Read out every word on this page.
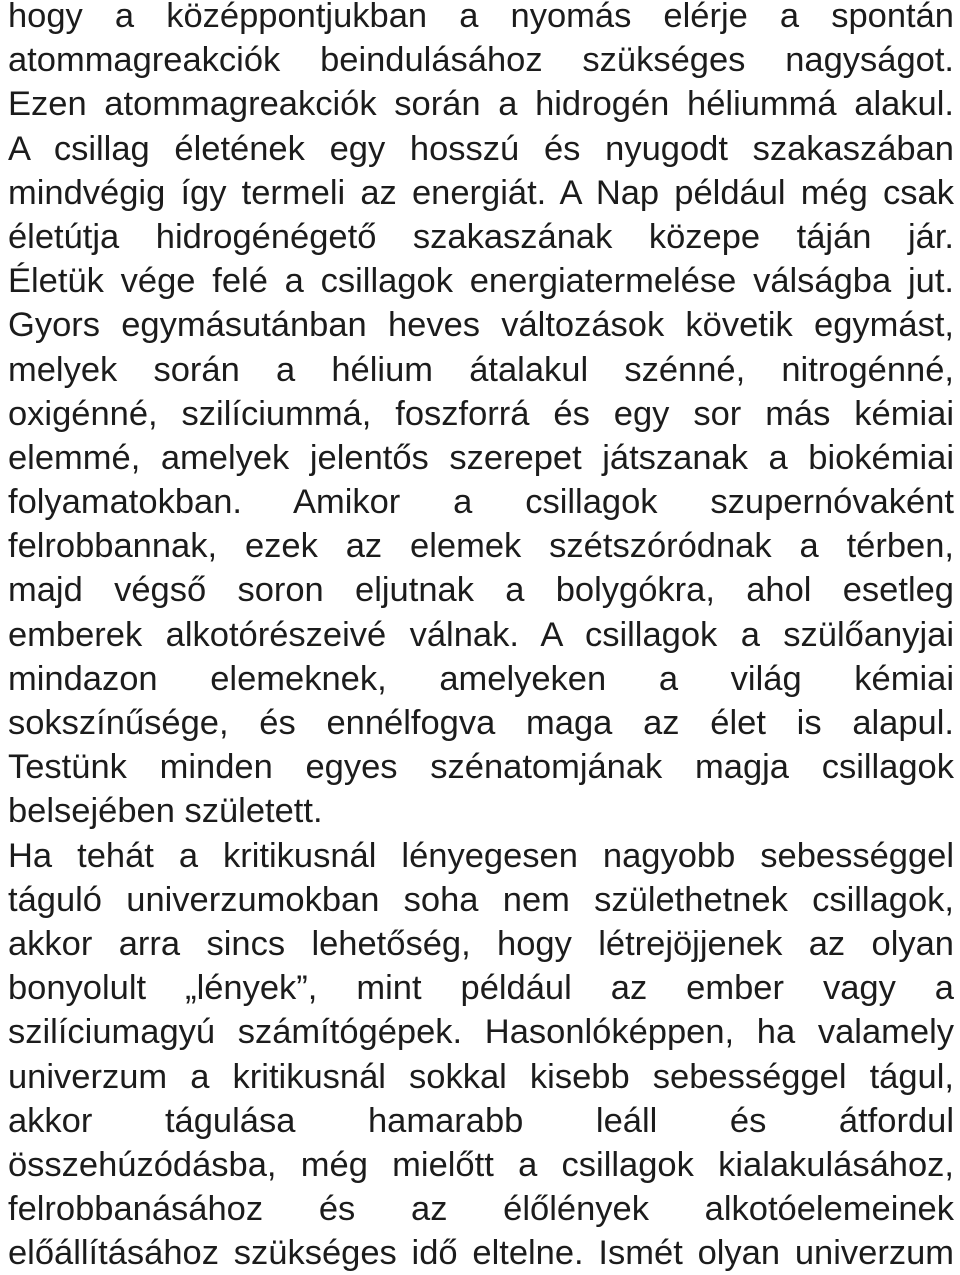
hogy a középpontjukban a nyomás elérje a spontán
atommagreakciók beindulásához szükséges nagyságot.
Ezen atommagreakciók során a hidrogén héliummá alakul.
A csillag életének egy hosszú és nyugodt szakaszában
mindvégig így termeli az energiát. A Nap például még csak
életútja hidrogénégető szakaszának közepe táján jár.
Életük vége felé a csillagok energiatermelése válságba jut.
Gyors egymásutánban heves változások követik egymást,
melyek során a hélium átalakul szénné, nitrogénné,
oxigénné, szilíciummá, foszforrá és egy sor más kémiai
elemmé, amelyek jelentős szerepet játszanak a biokémiai
folyamatokban. Amikor a csillagok szupernóvaként
felrobbannak, ezek az elemek szétszóródnak a térben,
majd végső soron eljutnak a bolygókra, ahol esetleg
emberek alkotórészeivé válnak. A csillagok a szülőanyjai
mindazon elemeknek, amelyeken a világ kémiai
sokszínűsége, és ennélfogva maga az élet is alapul.
Testünk minden egyes szénatomjának magja csillagok
belsejében született.
Ha tehát a kritikusnál lényegesen nagyobb sebességgel
táguló univerzumokban soha nem születhetnek csillagok,
akkor arra sincs lehetőség, hogy létrejöjjenek az olyan
bonyolult „lények”, mint például az ember vagy a
szilíciumagyú számítógépek. Hasonlóképpen, ha valamely
univerzum a kritikusnál sokkal kisebb sebességgel tágul,
akkor tágulása hamarabb leáll és átfordul
összehúzódásba, még mielőtt a csillagok kialakulásához,
felrobbanásához és az élőlények alkotóelemeinek
előállításához szükséges idő eltelne. Ismét olyan univerzum
